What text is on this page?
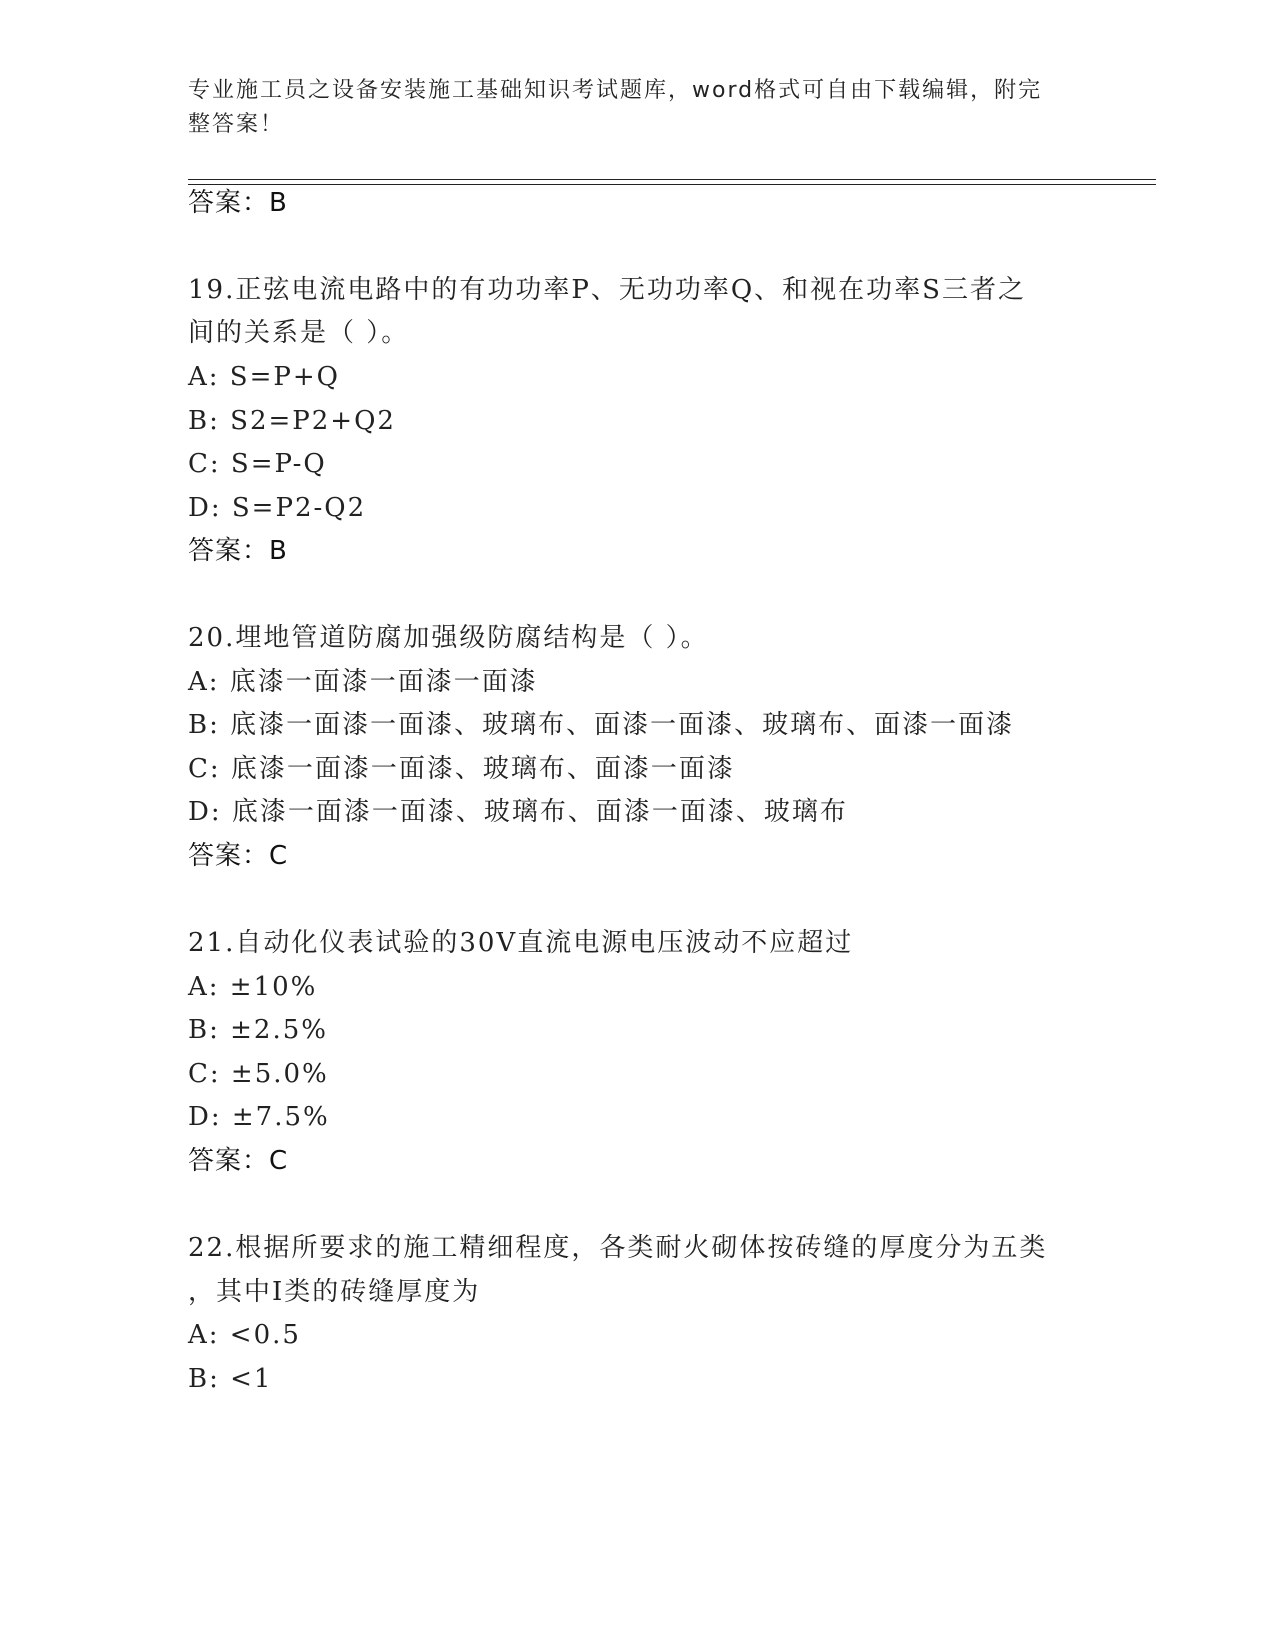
专业施工员之设备安装施工基础知识考试题库，word格式可自由下载编辑，附完
整答案！
答案：B
19.正弦电流电路中的有功功率P、无功功率Q、和视在功率S三者之
间的关系是（ ）。
A: S=P+Q
B: S2=P2+Q2
C: S=P-Q
D: S=P2-Q2
答案：B
20.埋地管道防腐加强级防腐结构是（ ）。
A: 底漆一面漆一面漆一面漆
B: 底漆一面漆一面漆、玻璃布、面漆一面漆、玻璃布、面漆一面漆
C: 底漆一面漆一面漆、玻璃布、面漆一面漆
D: 底漆一面漆一面漆、玻璃布、面漆一面漆、玻璃布
答案：C
21.自动化仪表试验的30V直流电源电压波动不应超过
A: ±10%
B: ±2.5%
C: ±5.0%
D: ±7.5%
答案：C
22.根据所要求的施工精细程度，各类耐火砌体按砖缝的厚度分为五类
，其中I类的砖缝厚度为
A: <0.5
B: <1
